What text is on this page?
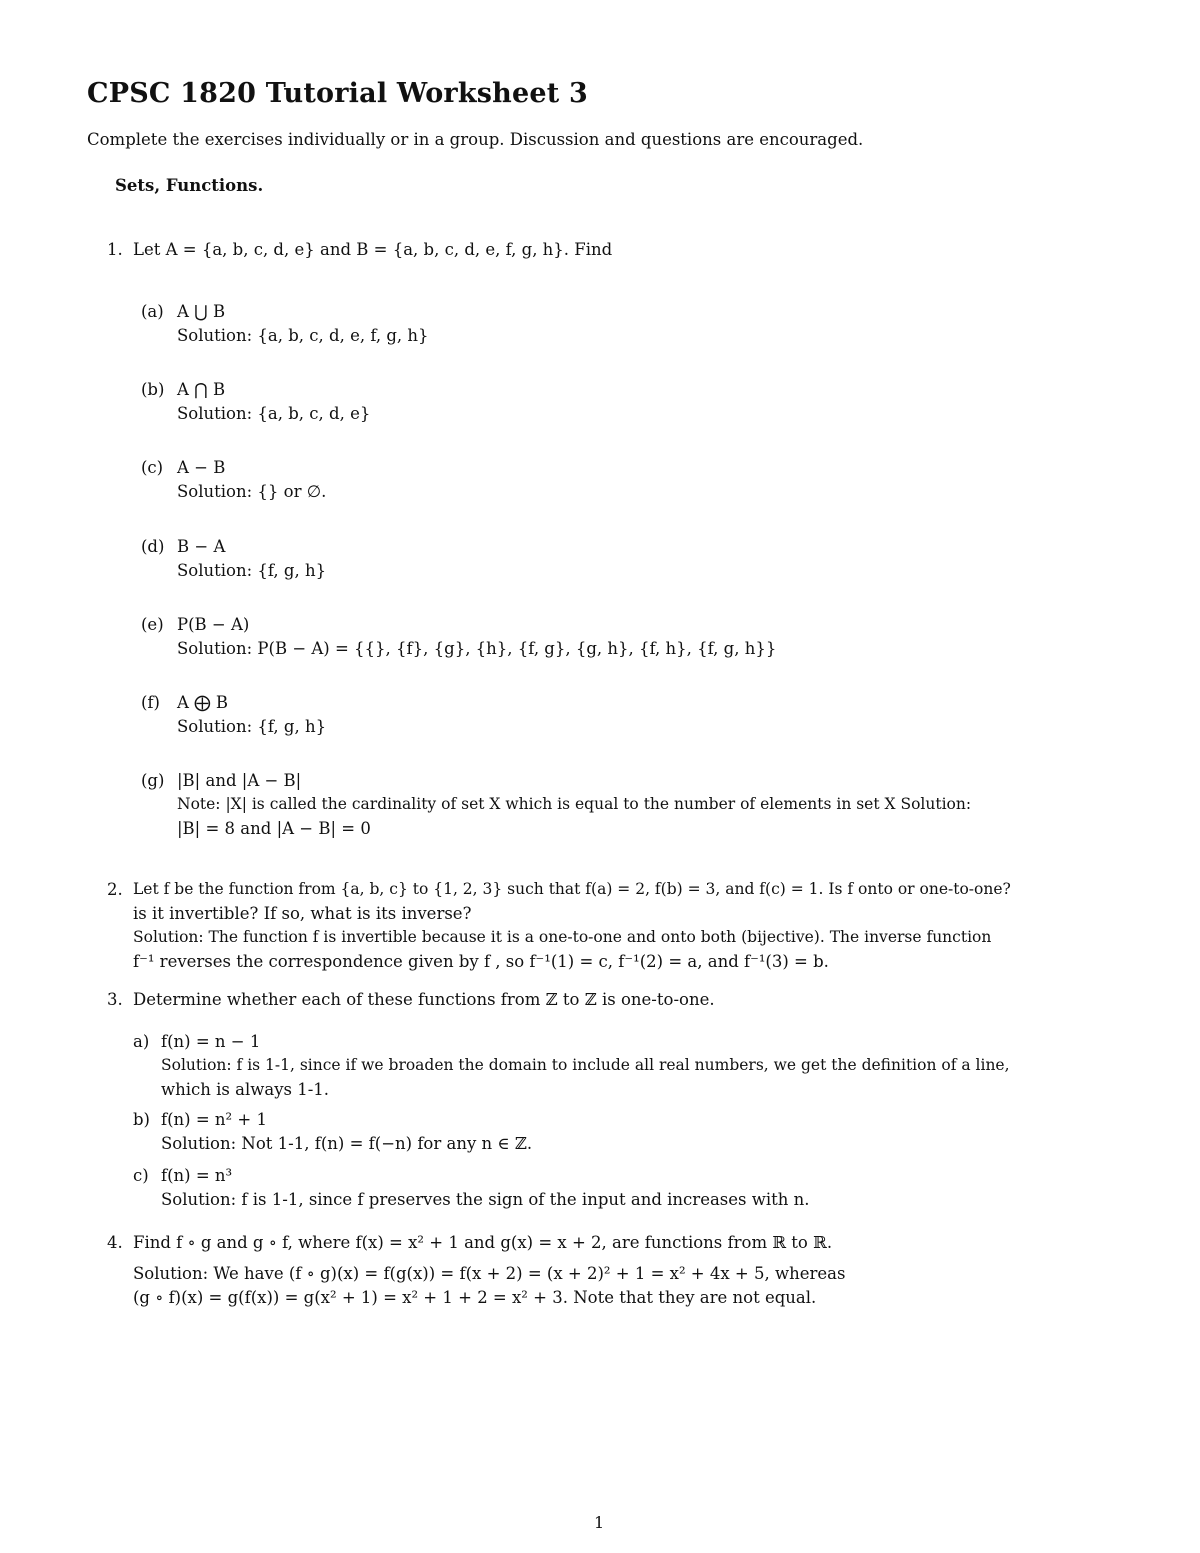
CPSC 1820 Tutorial Worksheet 3
Complete the exercises individually or in a group. Discussion and questions are encouraged.
Sets, Functions.
1. Let A = {a, b, c, d, e} and B = {a, b, c, d, e, f, g, h}. Find
(a) A ⋃ B
Solution: {a, b, c, d, e, f, g, h}
(b) A ⋂ B
Solution: {a, b, c, d, e}
(c) A − B
Solution: {} or ∅.
(d) B − A
Solution: {f, g, h}
(e) P(B − A)
Solution: P(B − A) = {{}, {f}, {g}, {h}, {f, g}, {g, h}, {f, h}, {f, g, h}}
(f) A ⨁ B
Solution: {f, g, h}
(g) |B| and |A − B|
Note: |X| is called the cardinality of set X which is equal to the number of elements in set X Solution:
|B| = 8 and |A − B| = 0
2. Let f be the function from {a, b, c} to {1, 2, 3} such that f(a) = 2, f(b) = 3, and f(c) = 1. Is f onto or one-to-one?
is it invertible? If so, what is its inverse?
Solution: The function f is invertible because it is a one-to-one and onto both (bijective). The inverse function
f⁻¹ reverses the correspondence given by f , so f⁻¹(1) = c, f⁻¹(2) = a, and f⁻¹(3) = b.
3. Determine whether each of these functions from ℤ to ℤ is one-to-one.
a) f(n) = n − 1
Solution: f is 1-1, since if we broaden the domain to include all real numbers, we get the definition of a line,
which is always 1-1.
b) f(n) = n² + 1
Solution: Not 1-1, f(n) = f(−n) for any n ∈ ℤ.
c) f(n) = n³
Solution: f is 1-1, since f preserves the sign of the input and increases with n.
4. Find f ∘ g and g ∘ f, where f(x) = x² + 1 and g(x) = x + 2, are functions from ℝ to ℝ.
Solution: We have (f ∘ g)(x) = f(g(x)) = f(x + 2) = (x + 2)² + 1 = x² + 4x + 5, whereas
(g ∘ f)(x) = g(f(x)) = g(x² + 1) = x² + 1 + 2 = x² + 3. Note that they are not equal.
1
